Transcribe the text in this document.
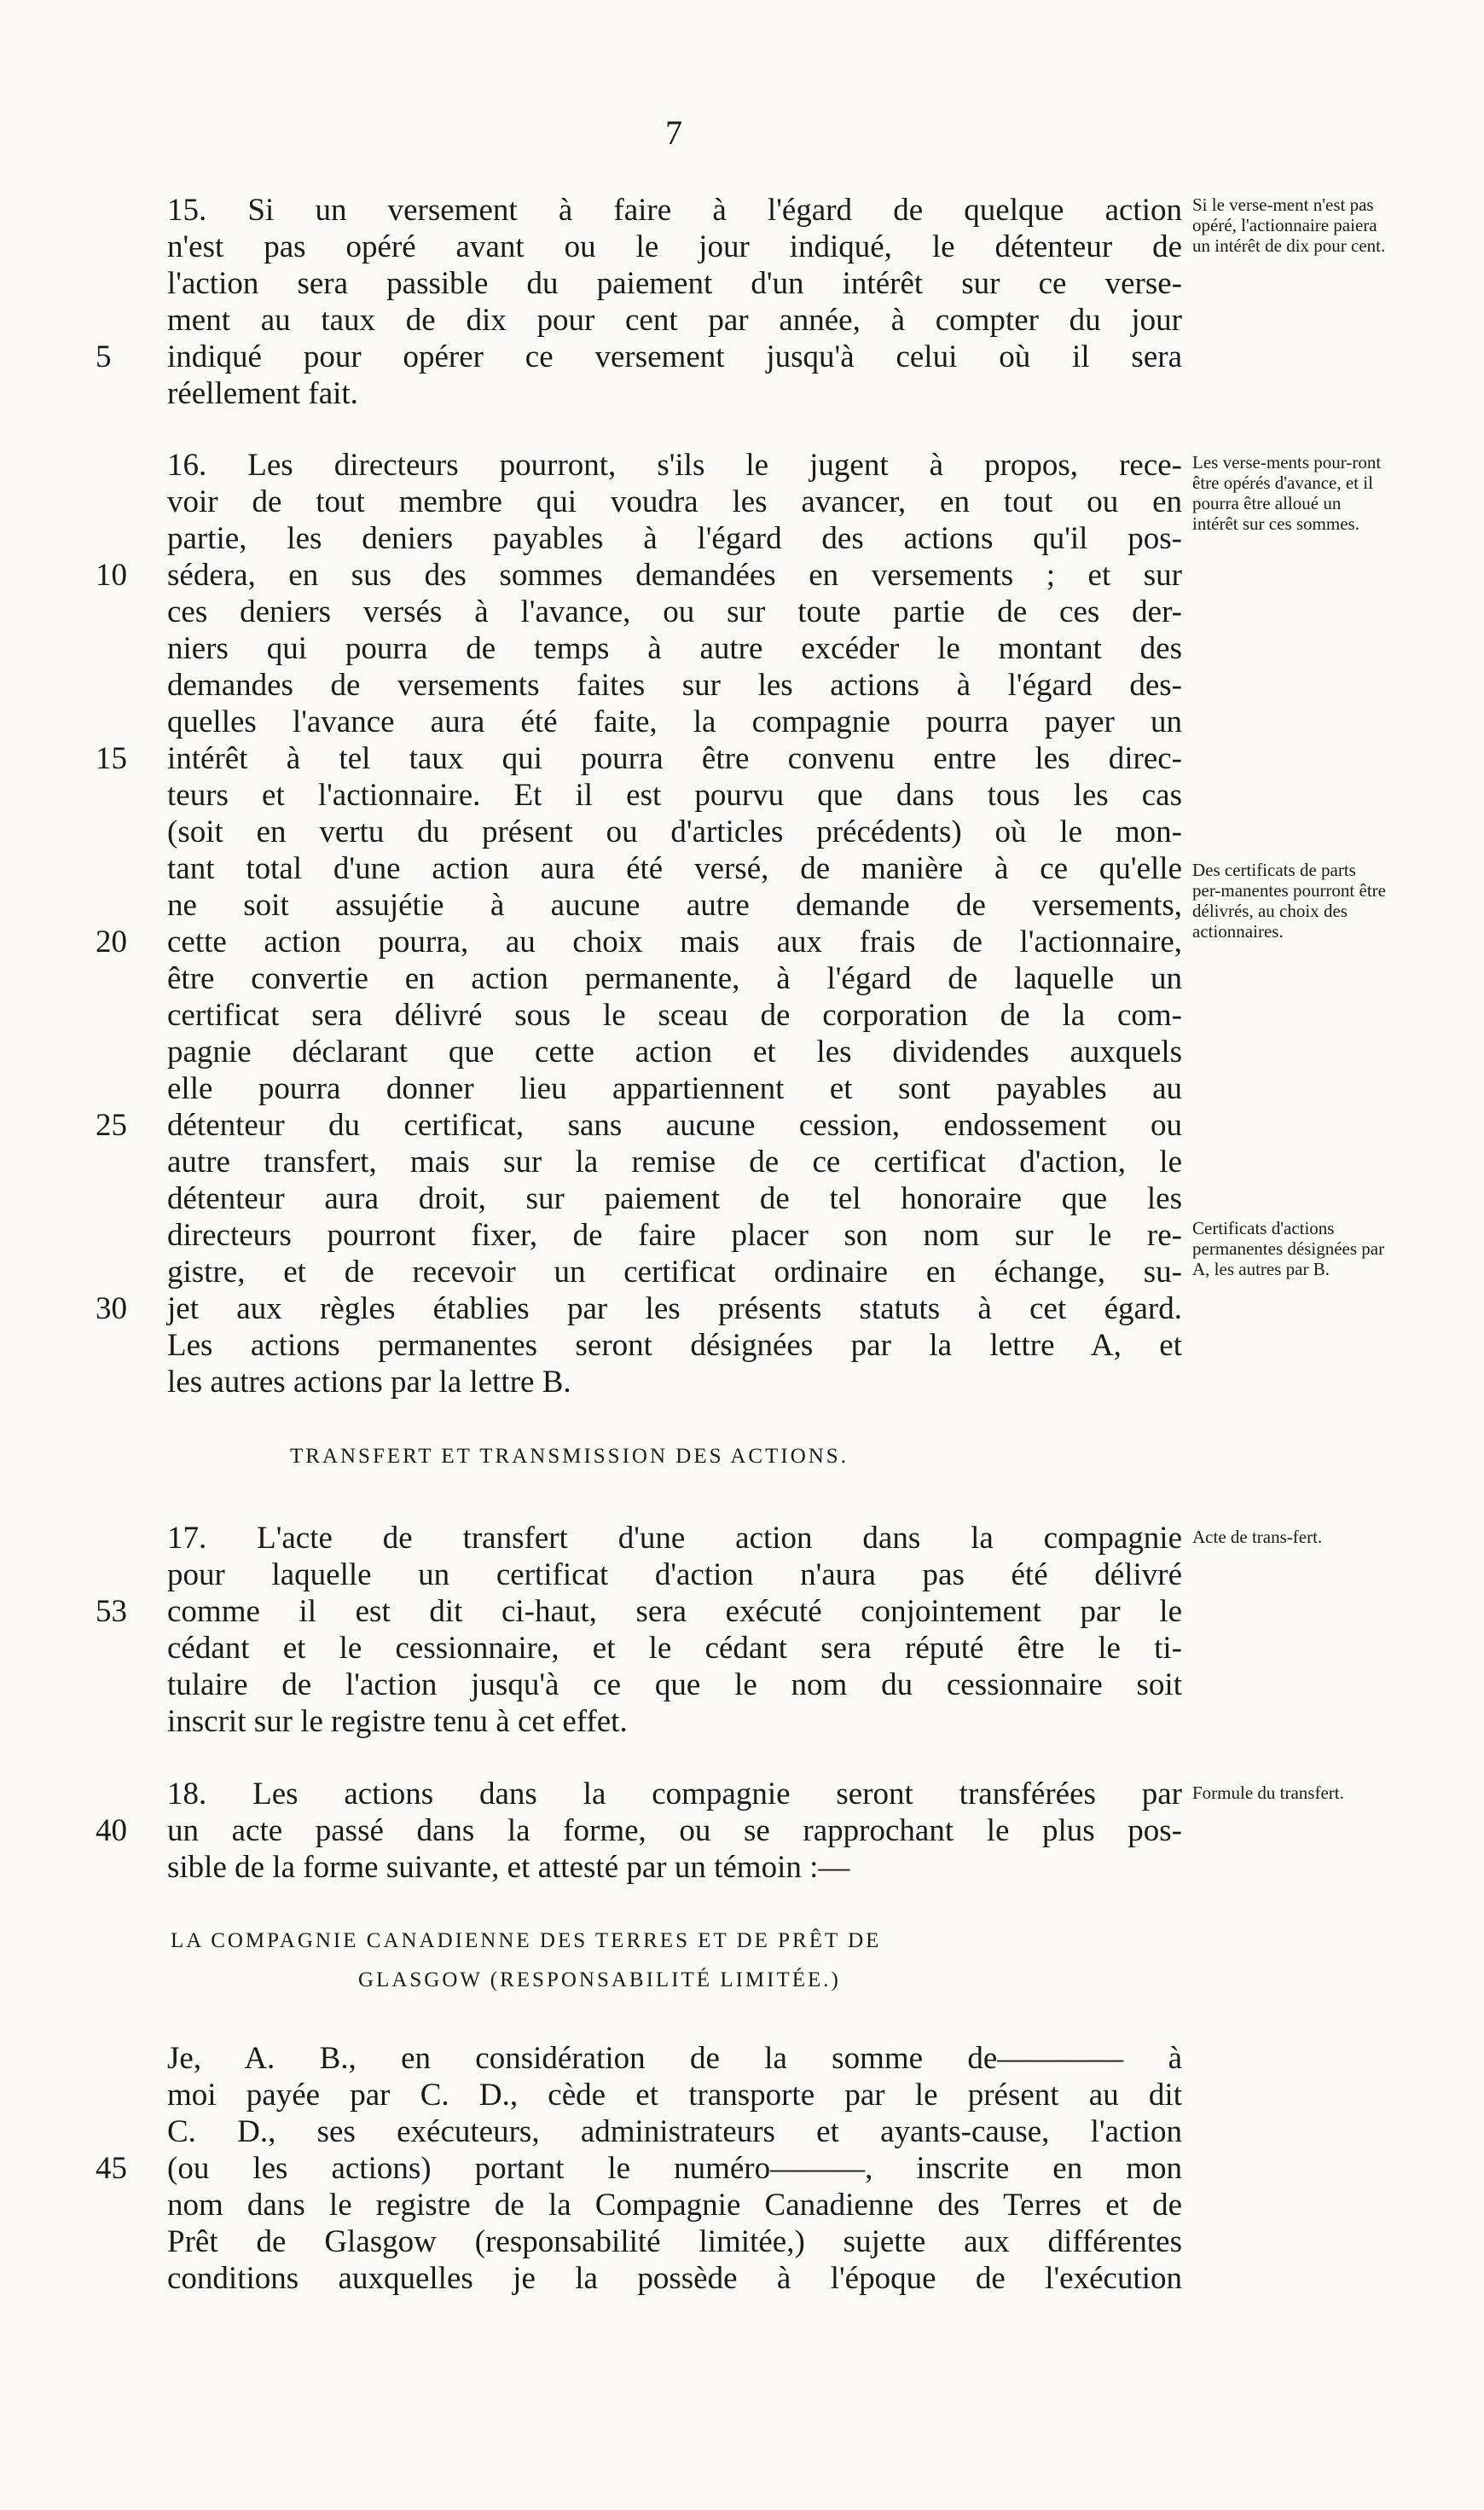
7
15. Si un versement à faire à l'égard de quelque action
n'est pas opéré avant ou le jour indiqué, le détenteur de
l'action sera passible du paiement d'un intérêt sur ce verse-
ment au taux de dix pour cent par année, à compter du jour
indiqué pour opérer ce versement jusqu'à celui où il sera
réellement fait.
Si le verse-ment n'est pas opéré, l'actionnaire paiera un intérêt de dix pour cent.
5
16. Les directeurs pourront, s'ils le jugent à propos, rece-
voir de tout membre qui voudra les avancer, en tout ou en
partie, les deniers payables à l'égard des actions qu'il pos-
sédera, en sus des sommes demandées en versements ; et sur
ces deniers versés à l'avance, ou sur toute partie de ces der-
niers qui pourra de temps à autre excéder le montant des
demandes de versements faites sur les actions à l'égard des-
quelles l'avance aura été faite, la compagnie pourra payer un
intérêt à tel taux qui pourra être convenu entre les direc-
teurs et l'actionnaire. Et il est pourvu que dans tous les cas
(soit en vertu du présent ou d'articles précédents) où le mon-
tant total d'une action aura été versé, de manière à ce qu'elle
ne soit assujétie à aucune autre demande de versements,
cette action pourra, au choix mais aux frais de l'actionnaire,
être convertie en action permanente, à l'égard de laquelle un
certificat sera délivré sous le sceau de corporation de la com-
pagnie déclarant que cette action et les dividendes auxquels
elle pourra donner lieu appartiennent et sont payables au
détenteur du certificat, sans aucune cession, endossement ou
autre transfert, mais sur la remise de ce certificat d'action, le
détenteur aura droit, sur paiement de tel honoraire que les
directeurs pourront fixer, de faire placer son nom sur le re-
gistre, et de recevoir un certificat ordinaire en échange, su-
jet aux règles établies par les présents statuts à cet égard.
Les actions permanentes seront désignées par la lettre A, et
les autres actions par la lettre B.
Les verse-ments pour-ront être opérés d'avance, et il pourra être alloué un intérêt sur ces sommes.
Des certificats de parts per-manentes pourront être délivrés, au choix des actionnaires.
Certificats d'actions permanentes désignées par A, les autres par B.
10
15
20
25
30
TRANSFERT ET TRANSMISSION DES ACTIONS.
17. L'acte de transfert d'une action dans la compagnie
pour laquelle un certificat d'action n'aura pas été délivré
comme il est dit ci-haut, sera exécuté conjointement par le
cédant et le cessionnaire, et le cédant sera réputé être le ti-
tulaire de l'action jusqu'à ce que le nom du cessionnaire soit
inscrit sur le registre tenu à cet effet.
Acte de trans-fert.
53
18. Les actions dans la compagnie seront transférées par
un acte passé dans la forme, ou se rapprochant le plus pos-
sible de la forme suivante, et attesté par un témoin :—
Formule du transfert.
40
LA COMPAGNIE CANADIENNE DES TERRES ET DE PRÊT DE
GLASGOW (RESPONSABILITÉ LIMITÉE.)
Je, A. B., en considération de la somme de———— à
moi payée par C. D., cède et transporte par le présent au dit
C. D., ses exécuteurs, administrateurs et ayants-cause, l'action
(ou les actions) portant le numéro———, inscrite en mon
nom dans le registre de la Compagnie Canadienne des Terres et de
Prêt de Glasgow (responsabilité limitée,) sujette aux différentes
conditions auxquelles je la possède à l'époque de l'exécution
45
